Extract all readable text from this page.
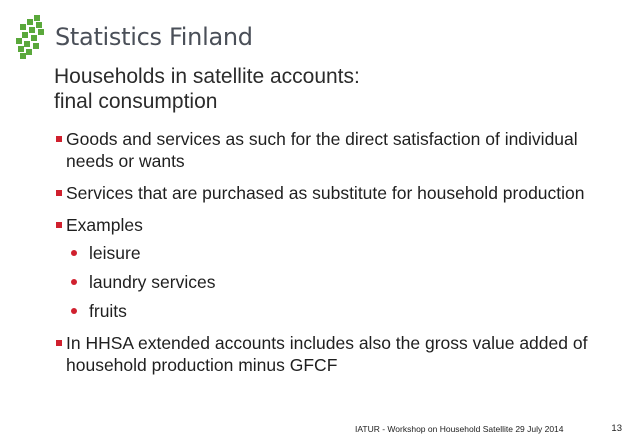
Statistics Finland
Households in satellite accounts:
final consumption
Goods and services as such for the direct satisfaction of individual needs or wants
Services that are purchased as substitute for household production
Examples
leisure
laundry services
fruits
In HHSA extended accounts includes also the gross value added of household production minus GFCF
IATUR - Workshop on Household Satellite 29 July 2014	13
